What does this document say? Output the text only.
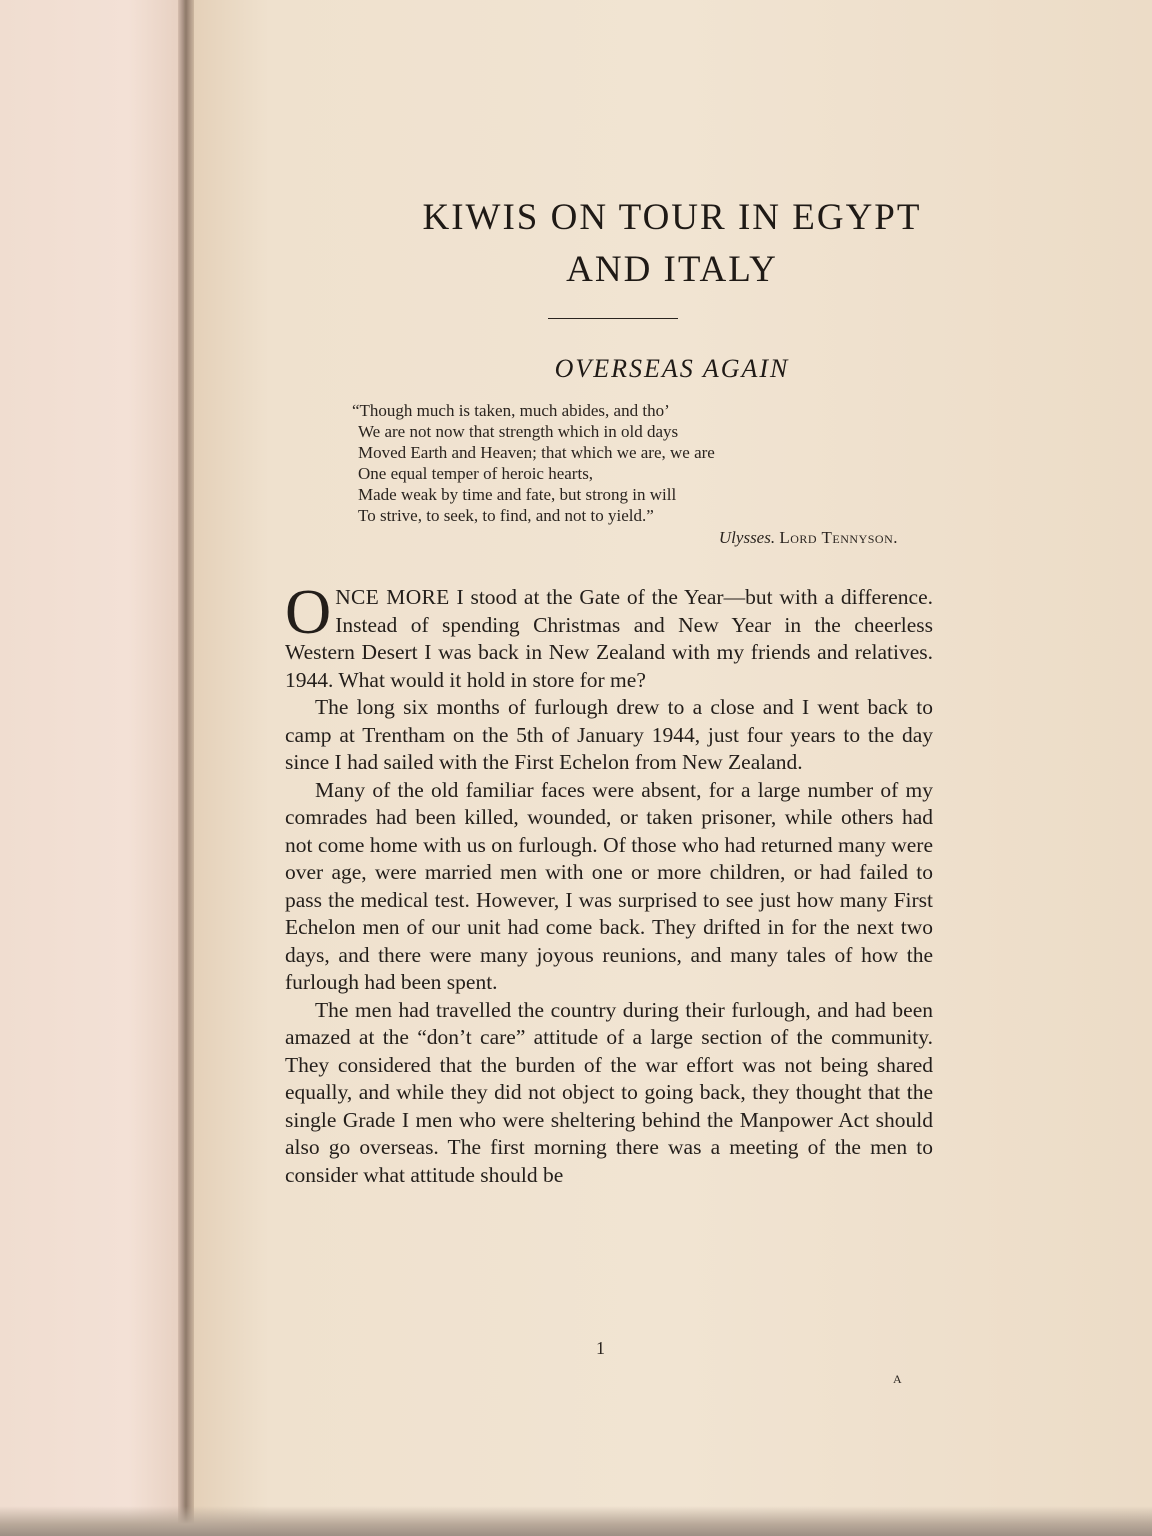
KIWIS ON TOUR IN EGYPT
AND ITALY
OVERSEAS AGAIN
“Though much is taken, much abides, and tho’
We are not now that strength which in old days
Moved Earth and Heaven; that which we are, we are
One equal temper of heroic hearts,
Made weak by time and fate, but strong in will
To strive, to seek, to find, and not to yield.”
Ulysses. Lord Tennyson.

ONCE MORE I stood at the Gate of the Year—but with a difference. Instead of spending Christmas and New Year in the cheerless Western Desert I was back in New Zealand with my friends and relatives. 1944. What would it hold in store for me?

The long six months of furlough drew to a close and I went back to camp at Trentham on the 5th of January 1944, just four years to the day since I had sailed with the First Echelon from New Zealand.

Many of the old familiar faces were absent, for a large number of my comrades had been killed, wounded, or taken prisoner, while others had not come home with us on furlough. Of those who had returned many were over age, were married men with one or more children, or had failed to pass the medical test. However, I was surprised to see just how many First Echelon men of our unit had come back. They drifted in for the next two days, and there were many joyous reunions, and many tales of how the furlough had been spent.

The men had travelled the country during their furlough, and had been amazed at the “don’t care” attitude of a large section of the community. They considered that the burden of the war effort was not being shared equally, and while they did not object to going back, they thought that the single Grade I men who were sheltering behind the Manpower Act should also go overseas. The first morning there was a meeting of the men to consider what attitude should be

1
A
